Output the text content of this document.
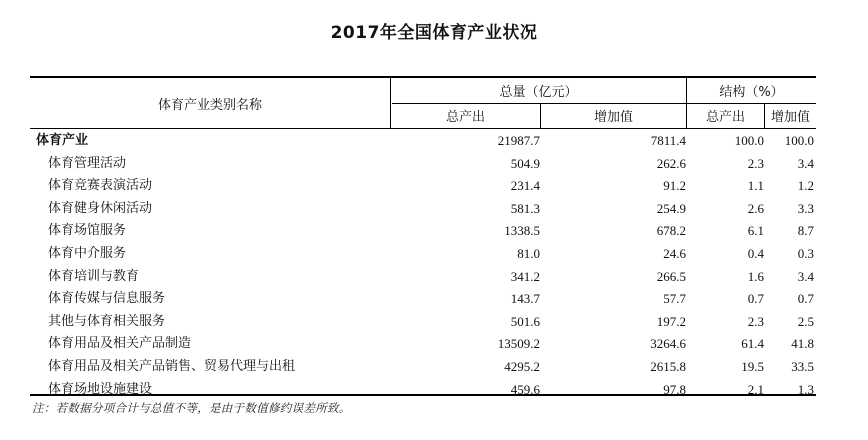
2017年全国体育产业状况
体育产业类别名称
总量（亿元）	结构（%）
总产出	增加值	总产出	增加值
体育产业	21987.7	7811.4	100.0	100.0
体育管理活动	504.9	262.6	2.3	3.4
体育竞赛表演活动	231.4	91.2	1.1	1.2
体育健身休闲活动	581.3	254.9	2.6	3.3
体育场馆服务	1338.5	678.2	6.1	8.7
体育中介服务	81.0	24.6	0.4	0.3
体育培训与教育	341.2	266.5	1.6	3.4
体育传媒与信息服务	143.7	57.7	0.7	0.7
其他与体育相关服务	501.6	197.2	2.3	2.5
体育用品及相关产品制造	13509.2	3264.6	61.4	41.8
体育用品及相关产品销售、贸易代理与出租	4295.2	2615.8	19.5	33.5
体育场地设施建设	459.6	97.8	2.1	1.3
注：若数据分项合计与总值不等，是由于数值修约误差所致。
